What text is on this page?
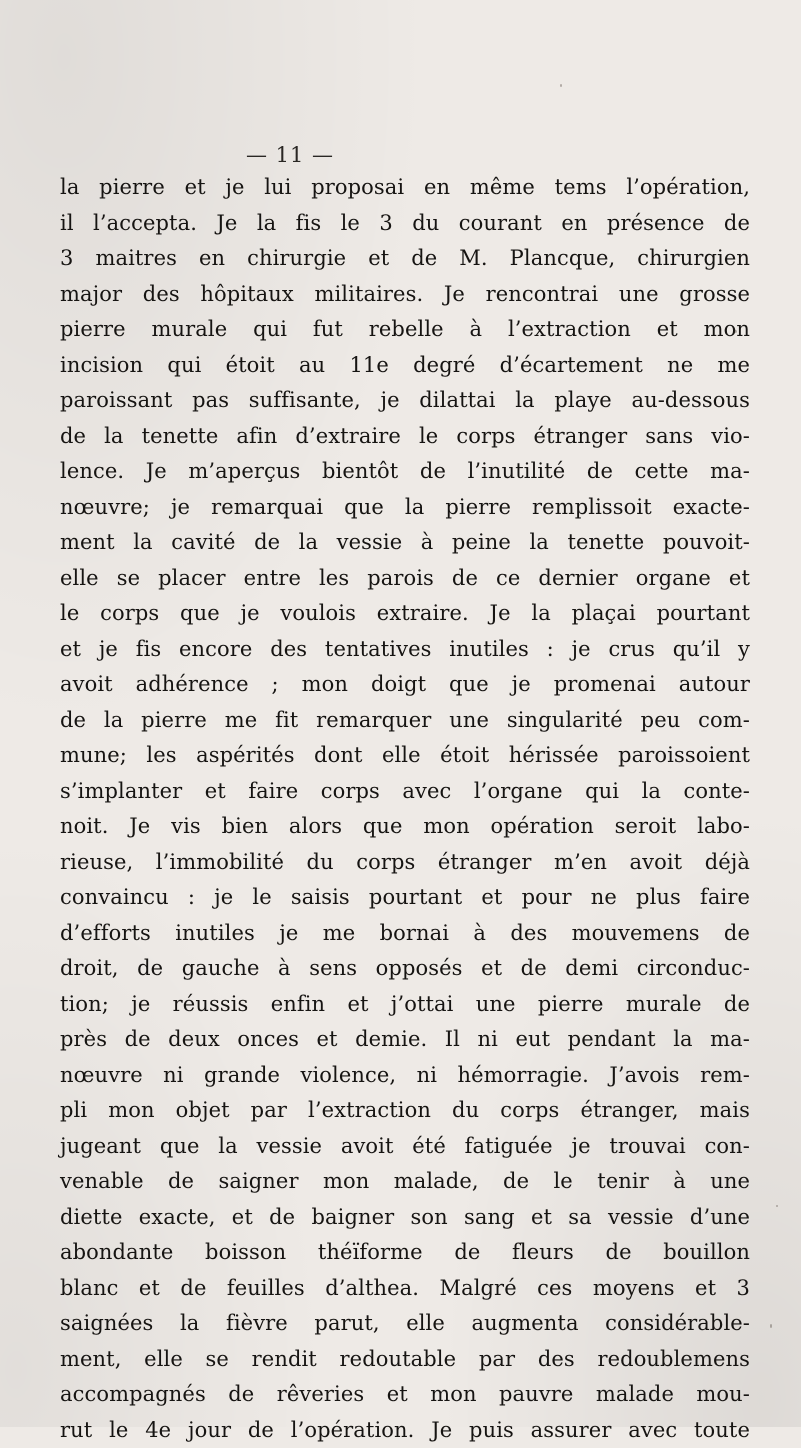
— 11 —
la pierre et je lui proposai en même tems l’opération,
il l’accepta. Je la fis le 3 du courant en présence de
3 maitres en chirurgie et de M. Plancque, chirurgien
major des hôpitaux militaires. Je rencontrai une grosse
pierre murale qui fut rebelle à l’extraction et mon
incision qui étoit au 11e degré d’écartement ne me
paroissant pas suffisante, je dilattai la playe au-dessous
de la tenette afin d’extraire le corps étranger sans vio-
lence. Je m’aperçus bientôt de l’inutilité de cette ma-
nœuvre; je remarquai que la pierre remplissoit exacte-
ment la cavité de la vessie à peine la tenette pouvoit-
elle se placer entre les parois de ce dernier organe et
le corps que je voulois extraire. Je la plaçai pourtant
et je fis encore des tentatives inutiles : je crus qu’il y
avoit adhérence ; mon doigt que je promenai autour
de la pierre me fit remarquer une singularité peu com-
mune; les aspérités dont elle étoit hérissée paroissoient
s’implanter et faire corps avec l’organe qui la conte-
noit. Je vis bien alors que mon opération seroit labo-
rieuse, l’immobilité du corps étranger m’en avoit déjà
convaincu : je le saisis pourtant et pour ne plus faire
d’efforts inutiles je me bornai à des mouvemens de
droit, de gauche à sens opposés et de demi circonduc-
tion; je réussis enfin et j’ottai une pierre murale de
près de deux onces et demie. Il ni eut pendant la ma-
nœuvre ni grande violence, ni hémorragie. J’avois rem-
pli mon objet par l’extraction du corps étranger, mais
jugeant que la vessie avoit été fatiguée je trouvai con-
venable de saigner mon malade, de le tenir à une
diette exacte, et de baigner son sang et sa vessie d’une
abondante boisson théïforme de fleurs de bouillon
blanc et de feuilles d’althea. Malgré ces moyens et 3
saignées la fièvre parut, elle augmenta considérable-
ment, elle se rendit redoutable par des redoublemens
accompagnés de rêveries et mon pauvre malade mou-
rut le 4e jour de l’opération. Je puis assurer avec toute
